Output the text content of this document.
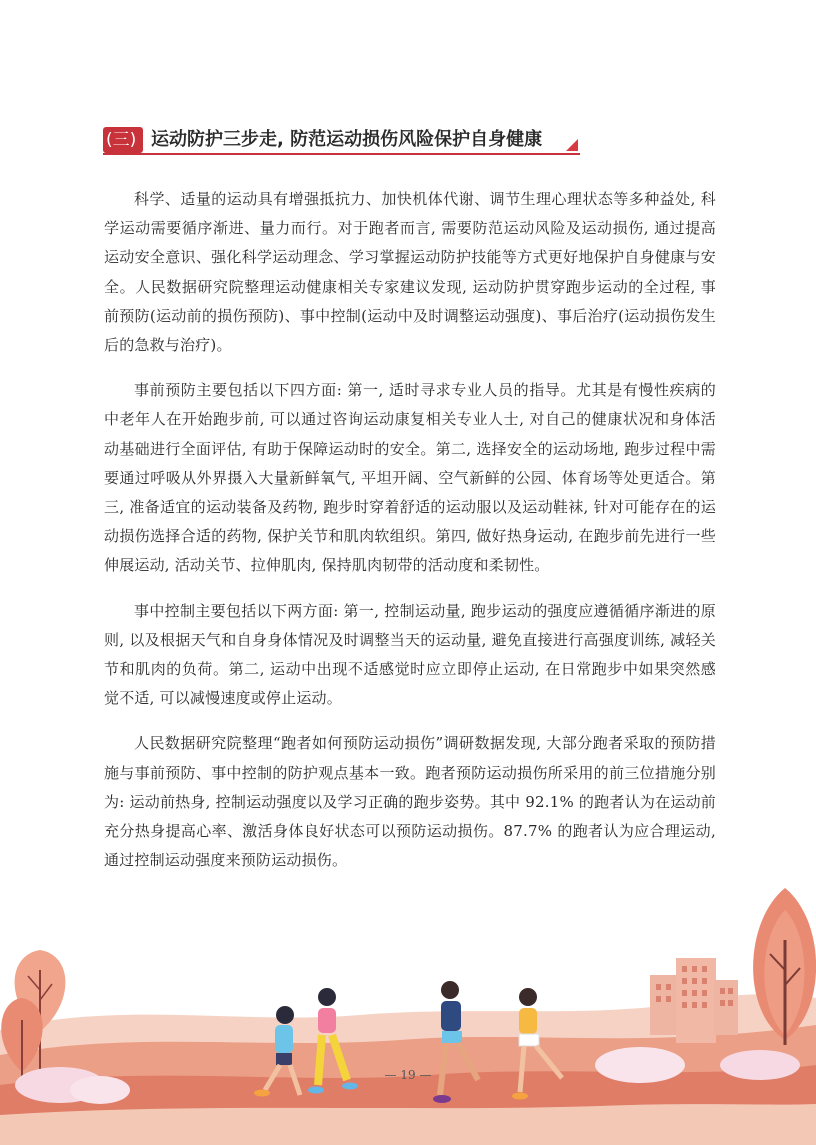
(三) 运动防护三步走, 防范运动损伤风险保护自身健康

科学、适量的运动具有增强抵抗力、加快机体代谢、调节生理心理状态等多种益处, 科学运动需要循序渐进、量力而行。对于跑者而言, 需要防范运动风险及运动损伤, 通过提高运动安全意识、强化科学运动理念、学习掌握运动防护技能等方式更好地保护自身健康与安全。人民数据研究院整理运动健康相关专家建议发现, 运动防护贯穿跑步运动的全过程, 事前预防(运动前的损伤预防)、事中控制(运动中及时调整运动强度)、事后治疗(运动损伤发生后的急救与治疗)。

事前预防主要包括以下四方面: 第一, 适时寻求专业人员的指导。尤其是有慢性疾病的中老年人在开始跑步前, 可以通过咨询运动康复相关专业人士, 对自己的健康状况和身体活动基础进行全面评估, 有助于保障运动时的安全。第二, 选择安全的运动场地, 跑步过程中需要通过呼吸从外界摄入大量新鲜氧气, 平坦开阔、空气新鲜的公园、体育场等处更适合。第三, 准备适宜的运动装备及药物, 跑步时穿着舒适的运动服以及运动鞋袜, 针对可能存在的运动损伤选择合适的药物, 保护关节和肌肉软组织。第四, 做好热身运动, 在跑步前先进行一些伸展运动, 活动关节、拉伸肌肉, 保持肌肉韧带的活动度和柔韧性。

事中控制主要包括以下两方面: 第一, 控制运动量, 跑步运动的强度应遵循循序渐进的原则, 以及根据天气和自身身体情况及时调整当天的运动量, 避免直接进行高强度训练, 减轻关节和肌肉的负荷。第二, 运动中出现不适感觉时应立即停止运动, 在日常跑步中如果突然感觉不适, 可以减慢速度或停止运动。

人民数据研究院整理“跑者如何预防运动损伤”调研数据发现, 大部分跑者采取的预防措施与事前预防、事中控制的防护观点基本一致。跑者预防运动损伤所采用的前三位措施分别为: 运动前热身, 控制运动强度以及学习正确的跑步姿势。其中 92.1% 的跑者认为在运动前充分热身提高心率、激活身体良好状态可以预防运动损伤。87.7% 的跑者认为应合理运动, 通过控制运动强度来预防运动损伤。

— 19 —
